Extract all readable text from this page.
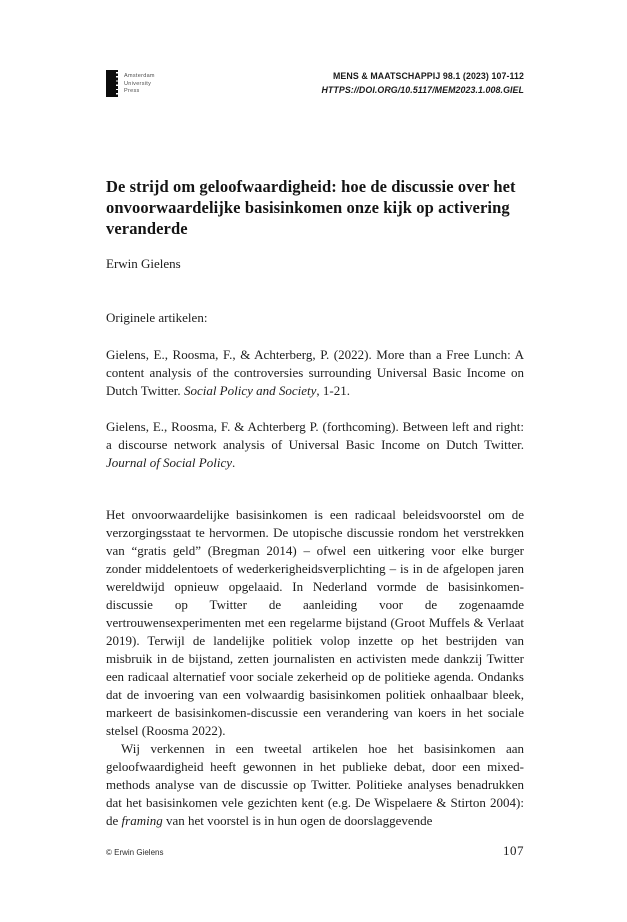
Amsterdam
University
Press
MENS & MAATSCHAPPIJ 98.1 (2023) 107-112
HTTPS://DOI.ORG/10.5117/MEM2023.1.008.GIEL
De strijd om geloofwaardigheid: hoe de discussie over het onvoorwaardelijke basisinkomen onze kijk op activering veranderde
Erwin Gielens
Originele artikelen:

Gielens, E., Roosma, F., & Achterberg, P. (2022). More than a Free Lunch: A content analysis of the controversies surrounding Universal Basic Income on Dutch Twitter. Social Policy and Society, 1-21.

Gielens, E., Roosma, F. & Achterberg P. (forthcoming). Between left and right: a discourse network analysis of Universal Basic Income on Dutch Twitter. Journal of Social Policy.

Het onvoorwaardelijke basisinkomen is een radicaal beleidsvoorstel om de verzorgingsstaat te hervormen. De utopische discussie rondom het verstrekken van “gratis geld” (Bregman 2014) – ofwel een uitkering voor elke burger zonder middelentoets of wederkerigheidsverplichting – is in de afgelopen jaren wereldwijd opnieuw opgelaaid. In Nederland vormde de basisinkomen-discussie op Twitter de aanleiding voor de zogenaamde vertrouwensexperimenten met een regelarme bijstand (Groot Muffels & Verlaat 2019). Terwijl de landelijke politiek volop inzette op het bestrijden van misbruik in de bijstand, zetten journalisten en activisten mede dankzij Twitter een radicaal alternatief voor sociale zekerheid op de politieke agenda. Ondanks dat de invoering van een volwaardig basisinkomen politiek onhaalbaar bleek, markeert de basisinkomen-discussie een verandering van koers in het sociale stelsel (Roosma 2022).

Wij verkennen in een tweetal artikelen hoe het basisinkomen aan geloofwaardigheid heeft gewonnen in het publieke debat, door een mixed-methods analyse van de discussie op Twitter. Politieke analyses benadrukken dat het basisinkomen vele gezichten kent (e.g. De Wispelaere & Stirton 2004): de framing van het voorstel is in hun ogen de doorslaggevende

© Erwin Gielens	107
